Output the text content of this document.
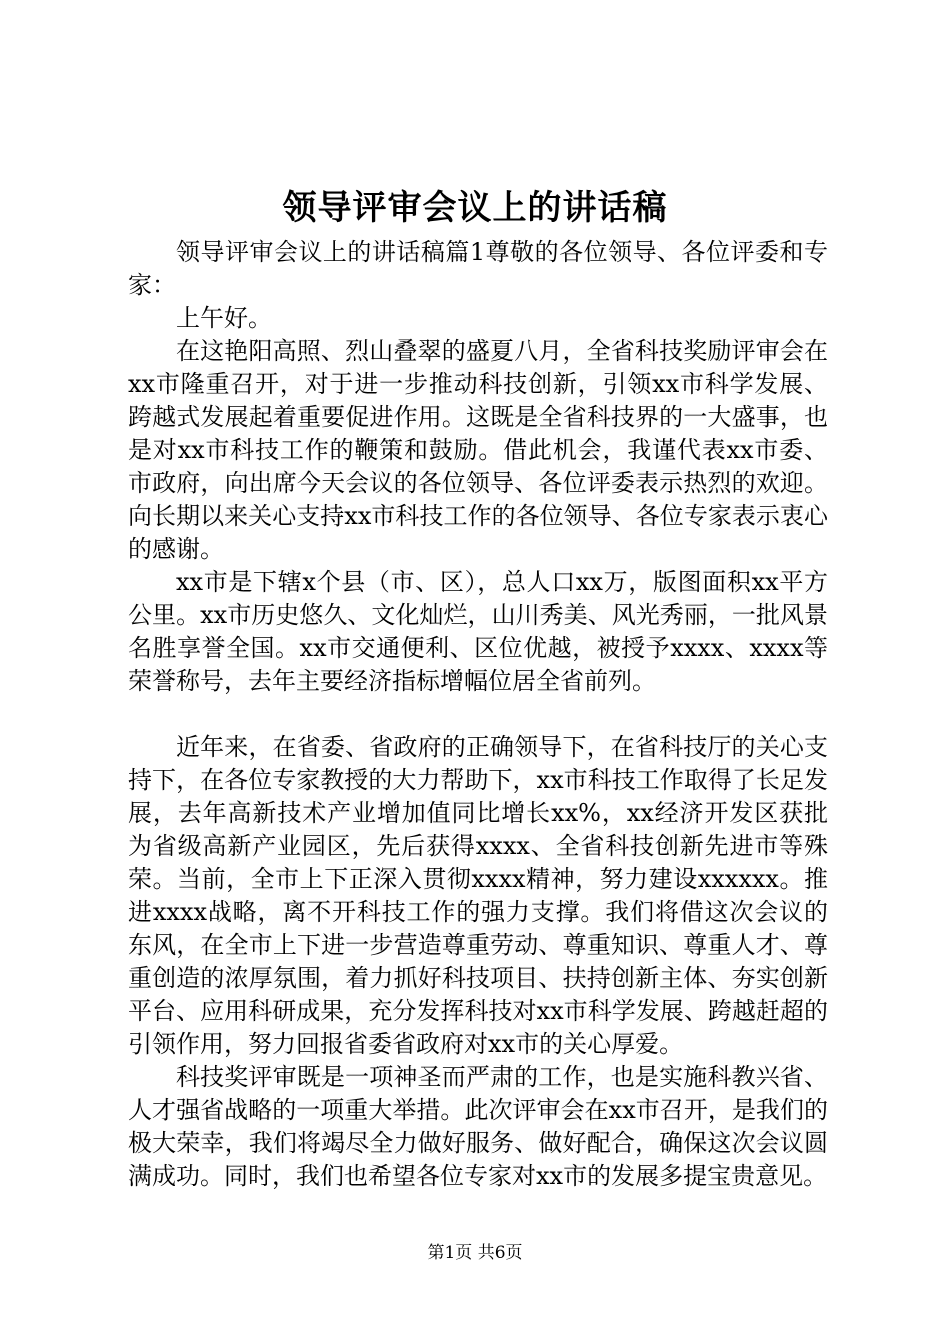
领导评审会议上的讲话稿

领导评审会议上的讲话稿篇1尊敬的各位领导、各位评委和专家：

上午好。

在这艳阳高照、烈山叠翠的盛夏八月，全省科技奖励评审会在xx市隆重召开，对于进一步推动科技创新，引领xx市科学发展、跨越式发展起着重要促进作用。这既是全省科技界的一大盛事，也是对xx市科技工作的鞭策和鼓励。借此机会，我谨代表xx市委、市政府，向出席今天会议的各位领导、各位评委表示热烈的欢迎。向长期以来关心支持xx市科技工作的各位领导、各位专家表示衷心的感谢。

xx市是下辖x个县（市、区），总人口xx万，版图面积xx平方公里。xx市历史悠久、文化灿烂，山川秀美、风光秀丽，一批风景名胜享誉全国。xx市交通便利、区位优越，被授予xxxx、xxxx等荣誉称号，去年主要经济指标增幅位居全省前列。

近年来，在省委、省政府的正确领导下，在省科技厅的关心支持下，在各位专家教授的大力帮助下，xx市科技工作取得了长足发展，去年高新技术产业增加值同比增长xx%，xx经济开发区获批为省级高新产业园区，先后获得xxxx、全省科技创新先进市等殊荣。当前，全市上下正深入贯彻xxxx精神，努力建设xxxxxx。推进xxxx战略，离不开科技工作的强力支撑。我们将借这次会议的东风，在全市上下进一步营造尊重劳动、尊重知识、尊重人才、尊重创造的浓厚氛围，着力抓好科技项目、扶持创新主体、夯实创新平台、应用科研成果，充分发挥科技对xx市科学发展、跨越赶超的引领作用，努力回报省委省政府对xx市的关心厚爱。

科技奖评审既是一项神圣而严肃的工作，也是实施科教兴省、人才强省战略的一项重大举措。此次评审会在xx市召开，是我们的极大荣幸，我们将竭尽全力做好服务、做好配合，确保这次会议圆满成功。同时，我们也希望各位专家对xx市的发展多提宝贵意见。

第1页 共6页
